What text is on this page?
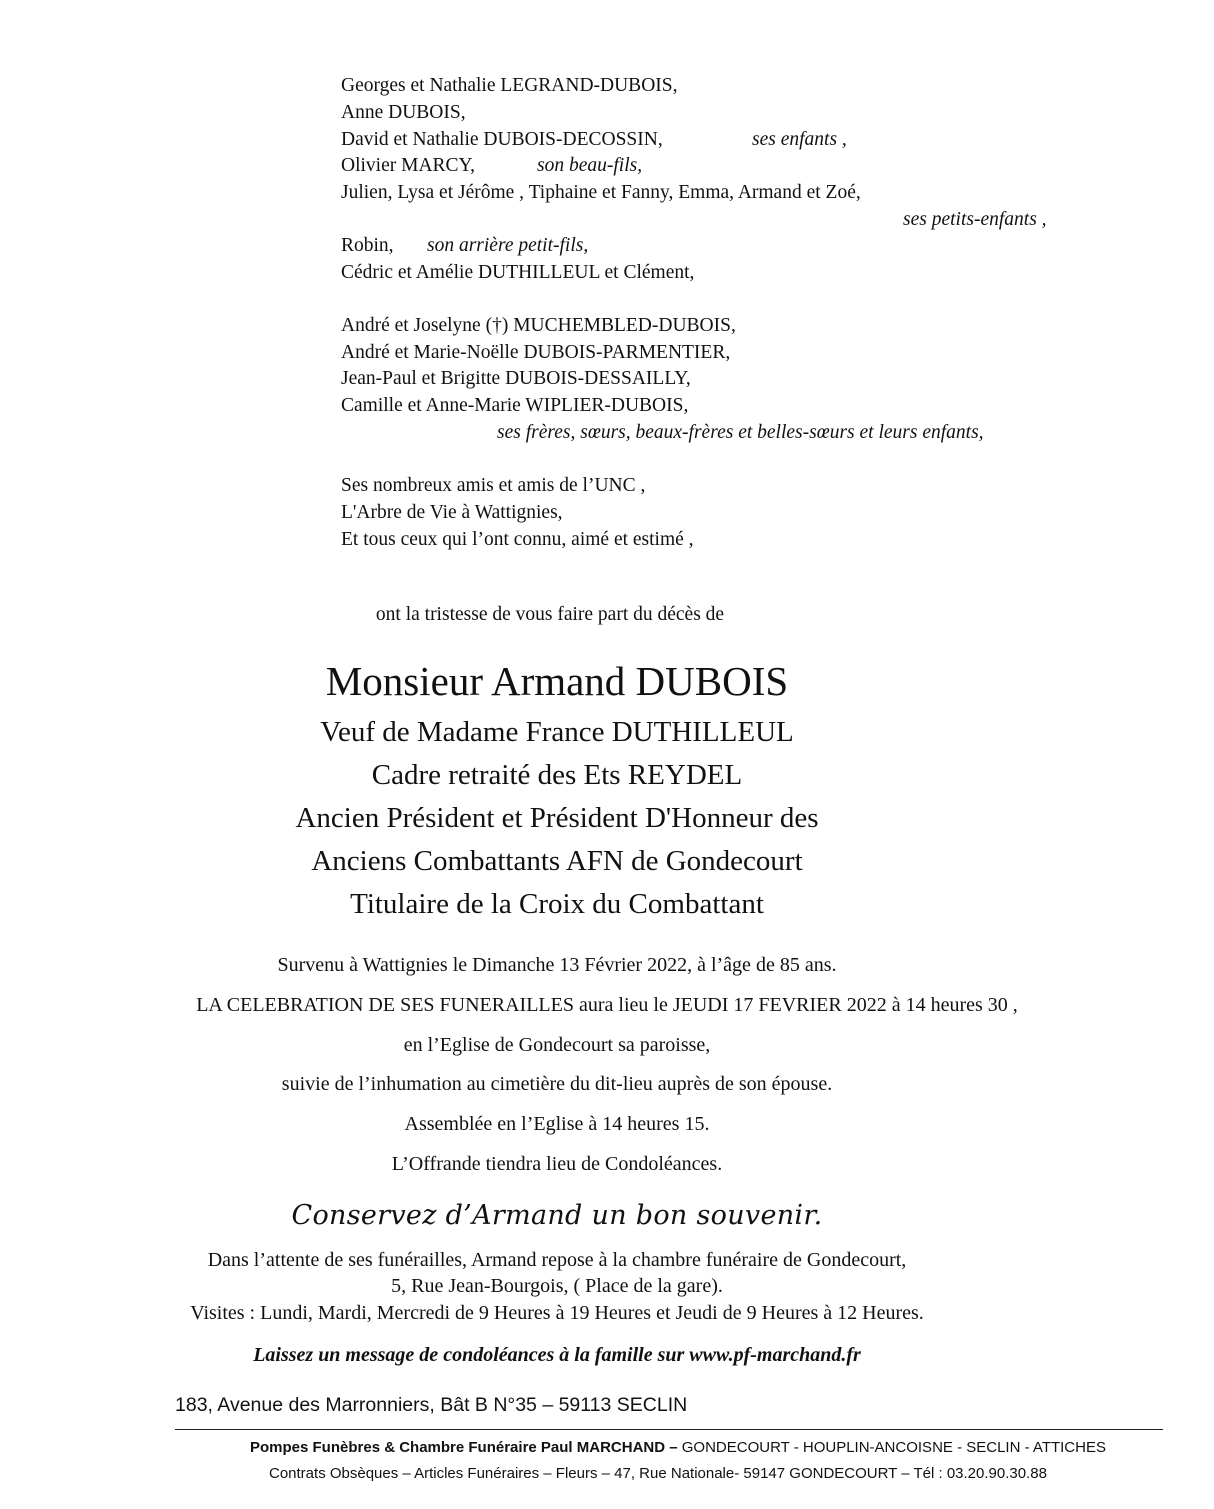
Georges et Nathalie LEGRAND-DUBOIS,
Anne DUBOIS,
David et Nathalie DUBOIS-DECOSSIN,	ses enfants ,
Olivier MARCY,	son beau-fils,
Julien, Lysa et Jérôme , Tiphaine et Fanny, Emma, Armand et Zoé,
ses petits-enfants ,
Robin, son arrière petit-fils,
Cédric et Amélie DUTHILLEUL et Clément,
André et Joselyne (†) MUCHEMBLED-DUBOIS,
André et Marie-Noëlle DUBOIS-PARMENTIER,
Jean-Paul et Brigitte DUBOIS-DESSAILLY,
Camille et Anne-Marie WIPLIER-DUBOIS,
ses frères, sœurs, beaux-frères et belles-sœurs et leurs enfants,
Ses nombreux amis et amis de l’UNC ,
L'Arbre de Vie à Wattignies,
Et tous ceux qui l’ont connu, aimé et estimé ,
ont la tristesse de vous faire part du décès de
Monsieur Armand DUBOIS
Veuf de Madame France DUTHILLEUL
Cadre retraité des Ets REYDEL
Ancien Président et Président D'Honneur des
Anciens Combattants AFN de Gondecourt
Titulaire de la Croix du Combattant
Survenu à Wattignies le Dimanche 13 Février 2022, à l’âge de 85 ans.
LA CELEBRATION DE SES FUNERAILLES aura lieu le JEUDI 17 FEVRIER 2022 à 14 heures 30 ,
en l’Eglise de Gondecourt sa paroisse,
suivie de l’inhumation au cimetière du dit-lieu auprès de son épouse.
Assemblée en l’Eglise à 14 heures 15.
L’Offrande tiendra lieu de Condoléances.
Conservez d’Armand un bon souvenir.
Dans l’attente de ses funérailles, Armand repose à la chambre funéraire de Gondecourt,
5, Rue Jean-Bourgois, ( Place de la gare).
Visites : Lundi, Mardi, Mercredi de 9 Heures à 19 Heures et Jeudi de 9 Heures à 12 Heures.
Laissez un message de condoléances à la famille sur www.pf-marchand.fr
183, Avenue des Marronniers, Bât B N°35 – 59113 SECLIN
Pompes Funèbres & Chambre Funéraire Paul MARCHAND – GONDECOURT - HOUPLIN-ANCOISNE - SECLIN - ATTICHES
Contrats Obsèques – Articles Funéraires – Fleurs – 47, Rue Nationale- 59147 GONDECOURT – Tél : 03.20.90.30.88
